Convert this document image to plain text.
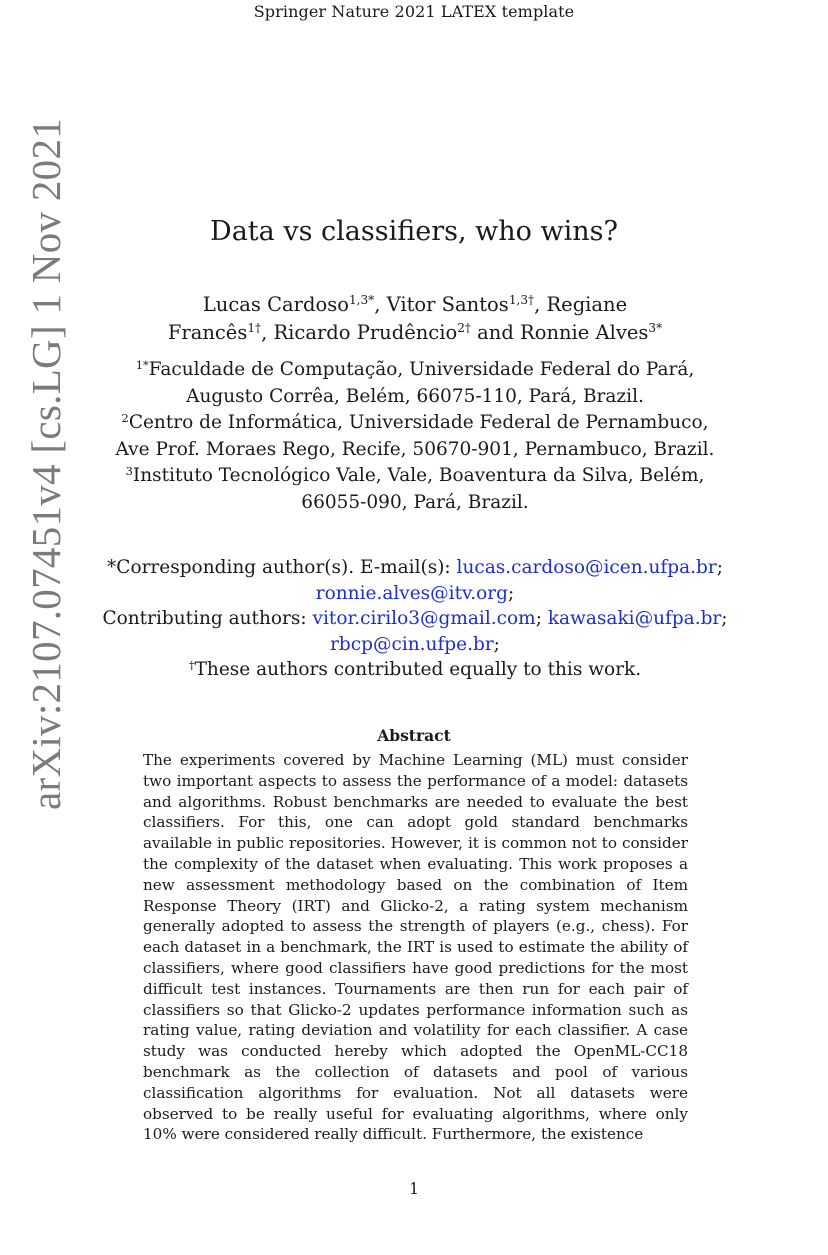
Springer Nature 2021 LATEX template
arXiv:2107.07451v4 [cs.LG] 1 Nov 2021	Data vs classifiers, who wins?
Lucas Cardoso$^{1,3*}$, Vitor Santos$^{1,3\dagger}$, Regiane Francês$^{1\dagger}$, Ricardo Prudêncio$^{2\dagger}$ and Ronnie Alves$^{3*}$
$^{1*}$Faculdade de Computação, Universidade Federal do Pará, Augusto Corrêa, Belém, 66075-110, Pará, Brazil.
$^2$Centro de Informática, Universidade Federal de Pernambuco, Ave Prof. Moraes Rego, Recife, 50670-901, Pernambuco, Brazil.
$^3$Instituto Tecnológico Vale, Vale, Boaventura da Silva, Belém, 66055-090, Pará, Brazil.
*Corresponding author(s). E-mail(s): lucas.cardoso@icen.ufpa.br; ronnie.alves@itv.org;
Contributing authors: vitor.cirilo3@gmail.com; kawasaki@ufpa.br; rbcp@cin.ufpe.br;
†These authors contributed equally to this work.
Abstract

The experiments covered by Machine Learning (ML) must consider two important aspects to assess the performance of a model: datasets and algorithms. Robust benchmarks are needed to evaluate the best classifiers. For this, one can adopt gold standard benchmarks available in public repositories. However, it is common not to consider the complexity of the dataset when evaluating. This work proposes a new assessment methodology based on the combination of Item Response Theory (IRT) and Glicko-2, a rating system mechanism generally adopted to assess the strength of players (e.g., chess). For each dataset in a benchmark, the IRT is used to estimate the ability of classifiers, where good classifiers have good predictions for the most difficult test instances. Tournaments are then run for each pair of classifiers so that Glicko-2 updates performance information such as rating value, rating deviation and volatility for each classifier. A case study was conducted hereby which adopted the OpenML-CC18 benchmark as the collection of datasets and pool of various classification algorithms for evaluation. Not all datasets were observed to be really useful for evaluating algorithms, where only 10% were considered really difficult. Furthermore, the existence

1
